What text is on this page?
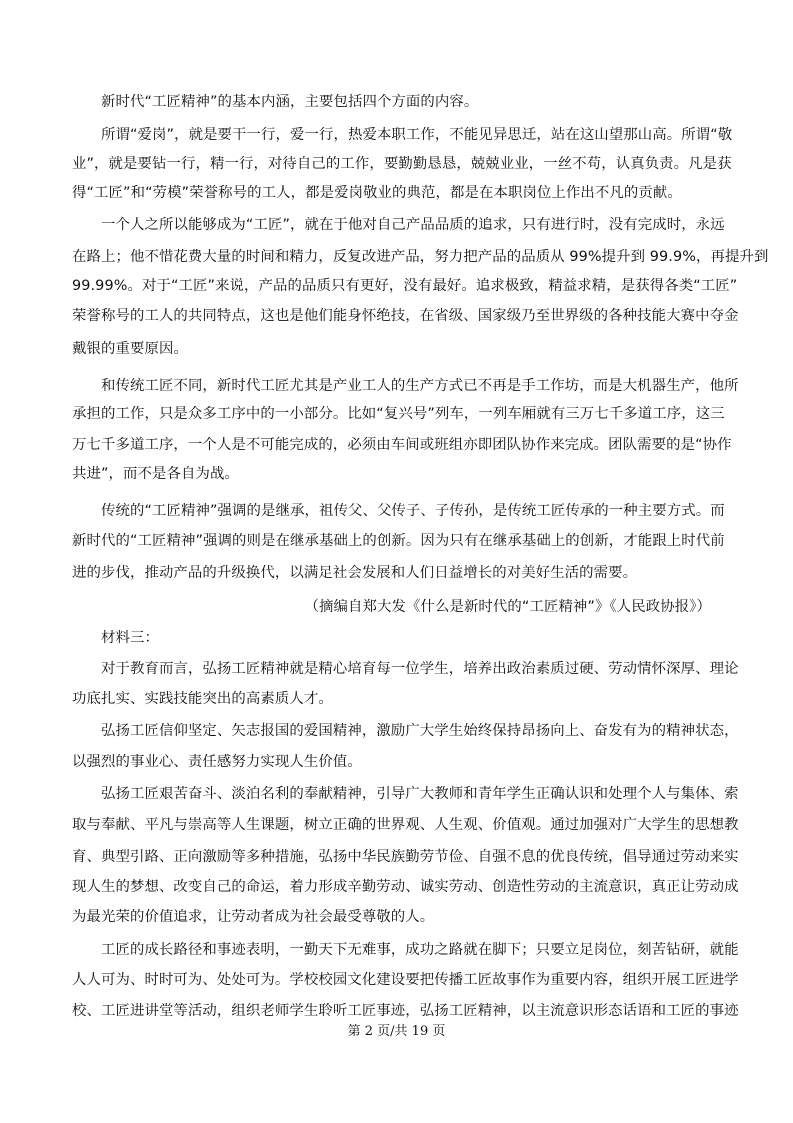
新时代“工匠精神”的基本内涵，主要包括四个方面的内容。
所谓“爱岗”，就是要干一行，爱一行，热爱本职工作，不能见异思迁，站在这山望那山高。所谓“敬
业”，就是要钻一行，精一行，对待自己的工作，要勤勤恳恳，兢兢业业，一丝不苟，认真负责。凡是获
得“工匠”和“劳模”荣誉称号的工人，都是爱岗敬业的典范，都是在本职岗位上作出不凡的贡献。
一个人之所以能够成为“工匠”，就在于他对自己产品品质的追求，只有进行时，没有完成时，永远
在路上；他不惜花费大量的时间和精力，反复改进产品，努力把产品的品质从 99%提升到 99.9%，再提升到
99.99%。对于“工匠”来说，产品的品质只有更好，没有最好。追求极致，精益求精，是获得各类“工匠”
荣誉称号的工人的共同特点，这也是他们能身怀绝技，在省级、国家级乃至世界级的各种技能大赛中夺金
戴银的重要原因。
和传统工匠不同，新时代工匠尤其是产业工人的生产方式已不再是手工作坊，而是大机器生产，他所
承担的工作，只是众多工序中的一小部分。比如“复兴号”列车，一列车厢就有三万七千多道工序，这三
万七千多道工序，一个人是不可能完成的，必须由车间或班组亦即团队协作来完成。团队需要的是“协作
共进”，而不是各自为战。
传统的“工匠精神”强调的是继承，祖传父、父传子、子传孙，是传统工匠传承的一种主要方式。而
新时代的“工匠精神”强调的则是在继承基础上的创新。因为只有在继承基础上的创新，才能跟上时代前
进的步伐，推动产品的升级换代，以满足社会发展和人们日益增长的对美好生活的需要。
（摘编自郑大发《什么是新时代的“工匠精神”》《人民政协报》）
材料三：
对于教育而言，弘扬工匠精神就是精心培育每一位学生，培养出政治素质过硬、劳动情怀深厚、理论
功底扎实、实践技能突出的高素质人才。
弘扬工匠信仰坚定、矢志报国的爱国精神，激励广大学生始终保持昂扬向上、奋发有为的精神状态，
以强烈的事业心、责任感努力实现人生价值。
弘扬工匠艰苦奋斗、淡泊名利的奉献精神，引导广大教师和青年学生正确认识和处理个人与集体、索
取与奉献、平凡与崇高等人生课题，树立正确的世界观、人生观、价值观。通过加强对广大学生的思想教
育、典型引路、正向激励等多种措施，弘扬中华民族勤劳节俭、自强不息的优良传统，倡导通过劳动来实
现人生的梦想、改变自己的命运，着力形成辛勤劳动、诚实劳动、创造性劳动的主流意识，真正让劳动成
为最光荣的价值追求，让劳动者成为社会最受尊敬的人。
工匠的成长路径和事迹表明，一勤天下无难事，成功之路就在脚下；只要立足岗位，刻苦钻研，就能
人人可为、时时可为、处处可为。学校校园文化建设要把传播工匠故事作为重要内容，组织开展工匠进学
校、工匠进讲堂等活动，组织老师学生聆听工匠事迹，弘扬工匠精神，以主流意识形态话语和工匠的事迹
第 2 页/共 19 页
